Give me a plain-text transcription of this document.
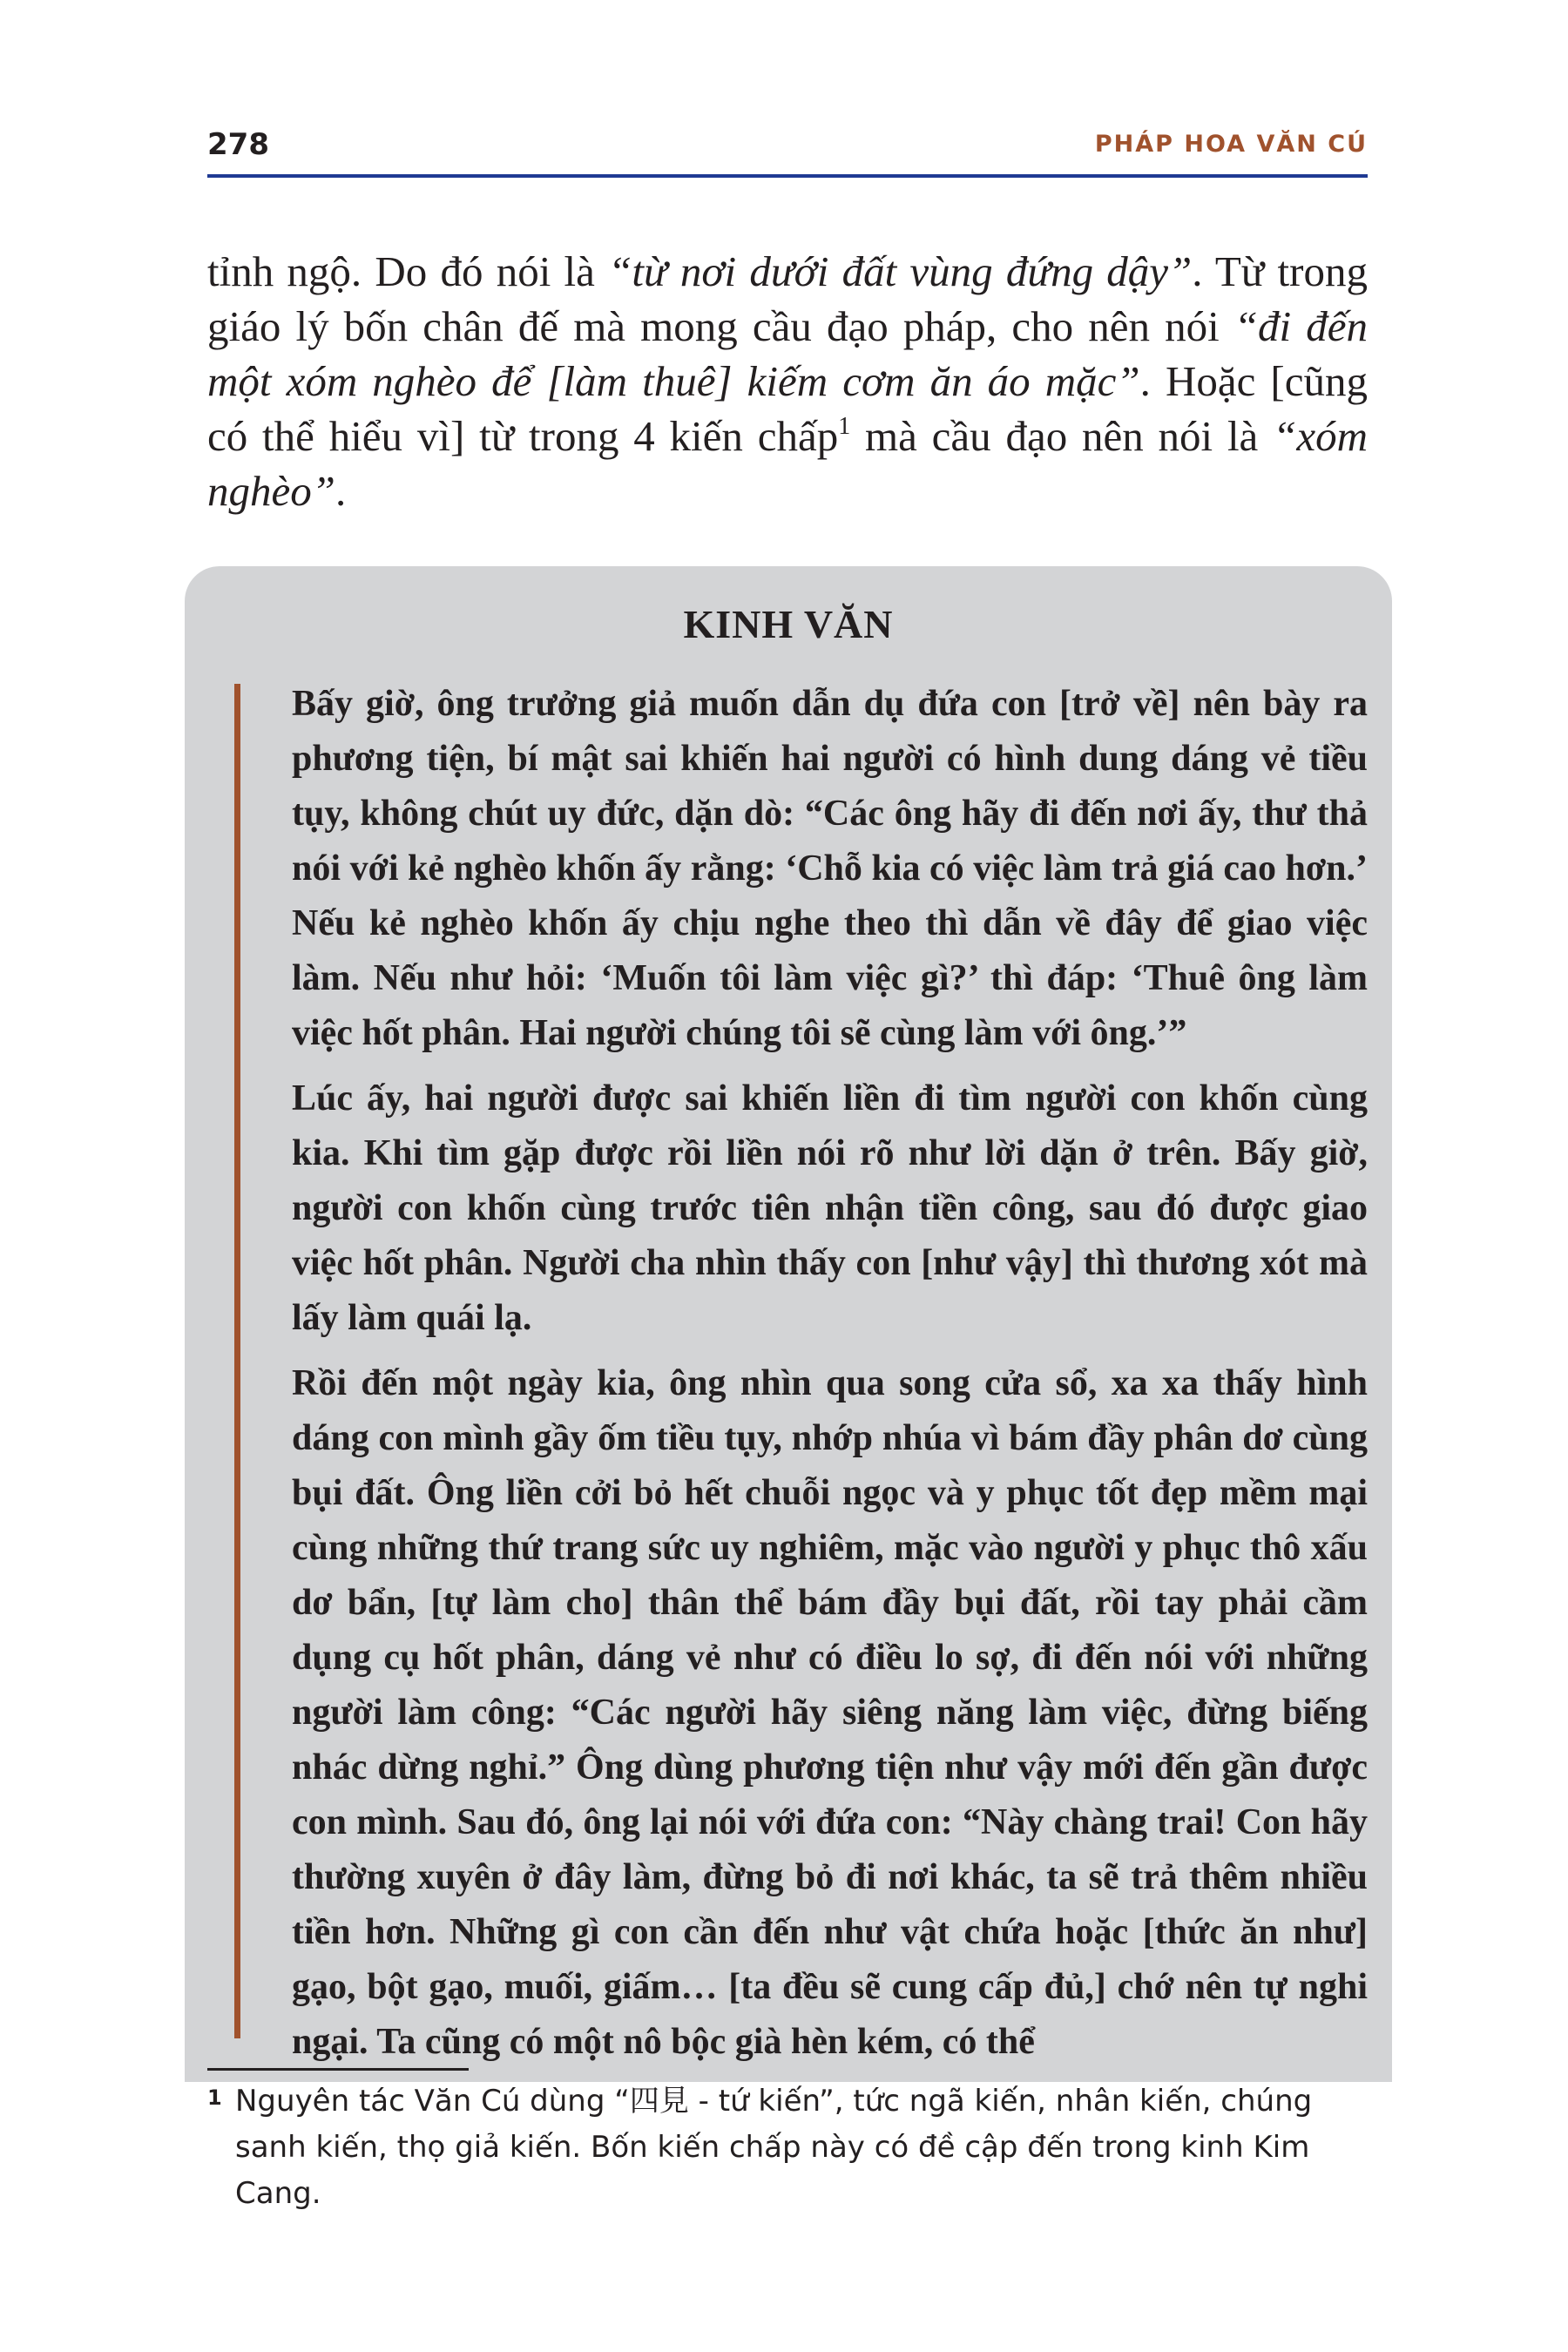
278	PHÁP HOA VĂN CÚ
tỉnh ngộ. Do đó nói là “từ nơi dưới đất vùng đứng dậy”. Từ trong giáo lý bốn chân đế mà mong cầu đạo pháp, cho nên nói “đi đến một xóm nghèo để [làm thuê] kiếm cơm ăn áo mặc”. Hoặc [cũng có thể hiểu vì] từ trong 4 kiến chấp$^1$ mà cầu đạo nên nói là “xóm nghèo”.
KINH VĂN

Bấy giờ, ông trưởng giả muốn dẫn dụ đứa con [trở về] nên bày ra phương tiện, bí mật sai khiến hai người có hình dung dáng vẻ tiều tụy, không chút uy đức, dặn dò: “Các ông hãy đi đến nơi ấy, thư thả nói với kẻ nghèo khốn ấy rằng: ‘Chỗ kia có việc làm trả giá cao hơn.’ Nếu kẻ nghèo khốn ấy chịu nghe theo thì dẫn về đây để giao việc làm. Nếu như hỏi: ‘Muốn tôi làm việc gì?’ thì đáp: ‘Thuê ông làm việc hốt phân. Hai người chúng tôi sẽ cùng làm với ông.’”

Lúc ấy, hai người được sai khiến liền đi tìm người con khốn cùng kia. Khi tìm gặp được rồi liền nói rõ như lời dặn ở trên. Bấy giờ, người con khốn cùng trước tiên nhận tiền công, sau đó được giao việc hốt phân. Người cha nhìn thấy con [như vậy] thì thương xót mà lấy làm quái lạ.

Rồi đến một ngày kia, ông nhìn qua song cửa sổ, xa xa thấy hình dáng con mình gầy ốm tiều tụy, nhớp nhúa vì bám đầy phân dơ cùng bụi đất. Ông liền cởi bỏ hết chuỗi ngọc và y phục tốt đẹp mềm mại cùng những thứ trang sức uy nghiêm, mặc vào người y phục thô xấu dơ bẩn, [tự làm cho] thân thể bám đầy bụi đất, rồi tay phải cầm dụng cụ hốt phân, dáng vẻ như có điều lo sợ, đi đến nói với những người làm công: “Các người hãy siêng năng làm việc, đừng biếng nhác dừng nghỉ.” Ông dùng phương tiện như vậy mới đến gần được con mình. Sau đó, ông lại nói với đứa con: “Này chàng trai! Con hãy thường xuyên ở đây làm, đừng bỏ đi nơi khác, ta sẽ trả thêm nhiều tiền hơn. Những gì con cần đến như vật chứa hoặc [thức ăn như] gạo, bột gạo, muối, giấm… [ta đều sẽ cung cấp đủ,] chớ nên tự nghi ngại. Ta cũng có một nô bộc già hèn kém, có thể

1 Nguyên tác Văn Cú dùng “四見 - tứ kiến”, tức ngã kiến, nhân kiến, chúng sanh kiến, thọ giả kiến. Bốn kiến chấp này có đề cập đến trong kinh Kim Cang.
